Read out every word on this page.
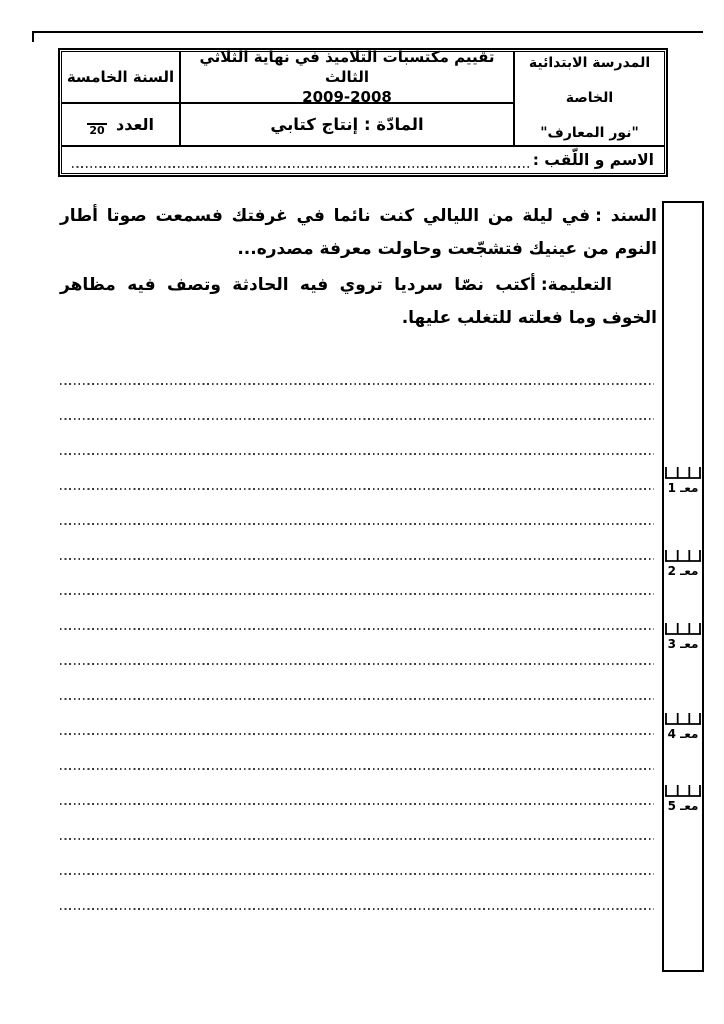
المدرسة الابتدائية الخاصة
"نور المعارف"
تقييم مكتسبات التلاميذ في نهاية الثلاثي الثالث
2009-2008
السنة الخامسة
المادّة : إنتاج كتابي
العدد
20
الاسم و اللّقب :

السند :في ليلة من الليالي كنت نائما في غرفتك فسمعت صوتا أطار النوم من عينيك فتشجّعت وحاولت معرفة مصدره...

التعليمة:أكتب نصّا سرديا تروي فيه الحادثة وتصف فيه مظاهر الخوف وما فعلته للتغلب عليها.

معـ 1
معـ 2
معـ 3
معـ 4
معـ 5
